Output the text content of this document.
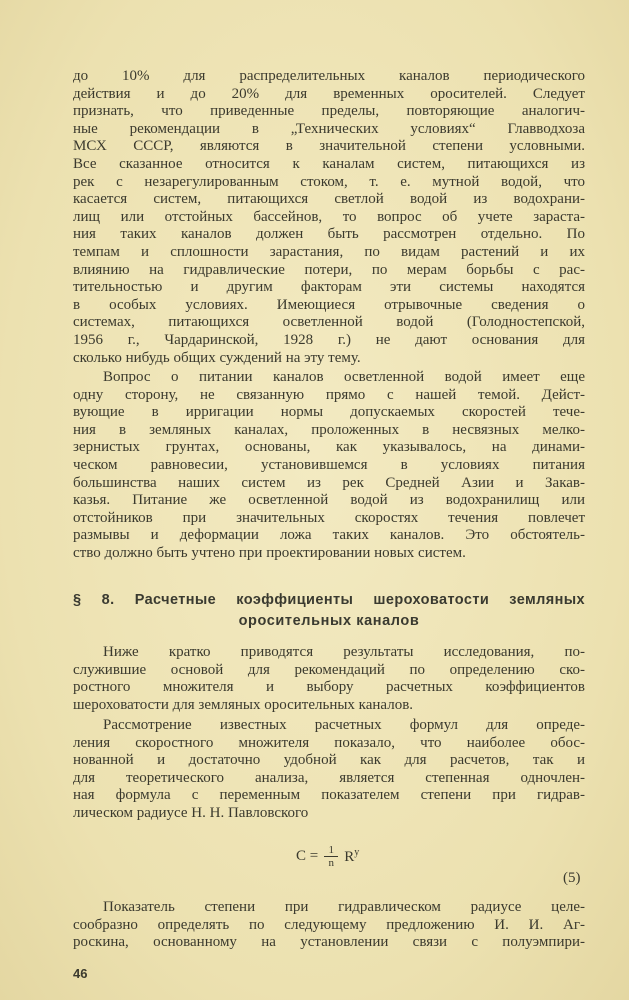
до 10% для распределительных каналов периодического
действия и до 20% для временных оросителей. Следует
признать, что приведенные пределы, повторяющие аналогич-
ные рекомендации в „Технических условиях“ Главводхоза
МСХ СССР, являются в значительной степени условными.
Все сказанное относится к каналам систем, питающихся из
рек с незарегулированным стоком, т. е. мутной водой, что
касается систем, питающихся светлой водой из водохрани-
лищ или отстойных бассейнов, то вопрос об учете зараста-
ния таких каналов должен быть рассмотрен отдельно. По
темпам и сплошности зарастания, по видам растений и их
влиянию на гидравлические потери, по мерам борьбы с рас-
тительностью и другим факторам эти системы находятся
в особых условиях. Имеющиеся отрывочные сведения о
системах, питающихся осветленной водой (Голодностепской,
1956 г., Чардаринской, 1928 г.) не дают основания для
сколько нибудь общих суждений на эту тему.
Вопрос о питании каналов осветленной водой имеет еще
одну сторону, не связанную прямо с нашей темой. Дейст-
вующие в ирригации нормы допускаемых скоростей тече-
ния в земляных каналах, проложенных в несвязных мелко-
зернистых грунтах, основаны, как указывалось, на динами-
ческом равновесии, установившемся в условиях питания
большинства наших систем из рек Средней Азии и Закав-
казья. Питание же осветленной водой из водохранилищ или
отстойников при значительных скоростях течения повлечет
размывы и деформации ложа таких каналов. Это обстоятель-
ство должно быть учтено при проектировании новых систем.
§ 8. Расчетные коэффициенты шероховатости земляных
оросительных каналов
Ниже кратко приводятся результаты исследования, по-
служившие основой для рекомендаций по определению ско-
ростного множителя и выбору расчетных коэффициентов
шероховатости для земляных оросительных каналов.
Рассмотрение известных расчетных формул для опреде-
ления скоростного множителя показало, что наиболее обос-
нованной и достаточно удобной как для расчетов, так и
для теоретического анализа, является степенная одночлен-
ная формула с переменным показателем степени при гидрав-
лическом радиусе Н. Н. Павловского
$C = \frac{1}{n} R^y$
(5)
Показатель степени при гидравлическом радиусе целе-
сообразно определять по следующему предложению И. И. Аг-
роскина, основанному на установлении связи с полуэмпири-
46
